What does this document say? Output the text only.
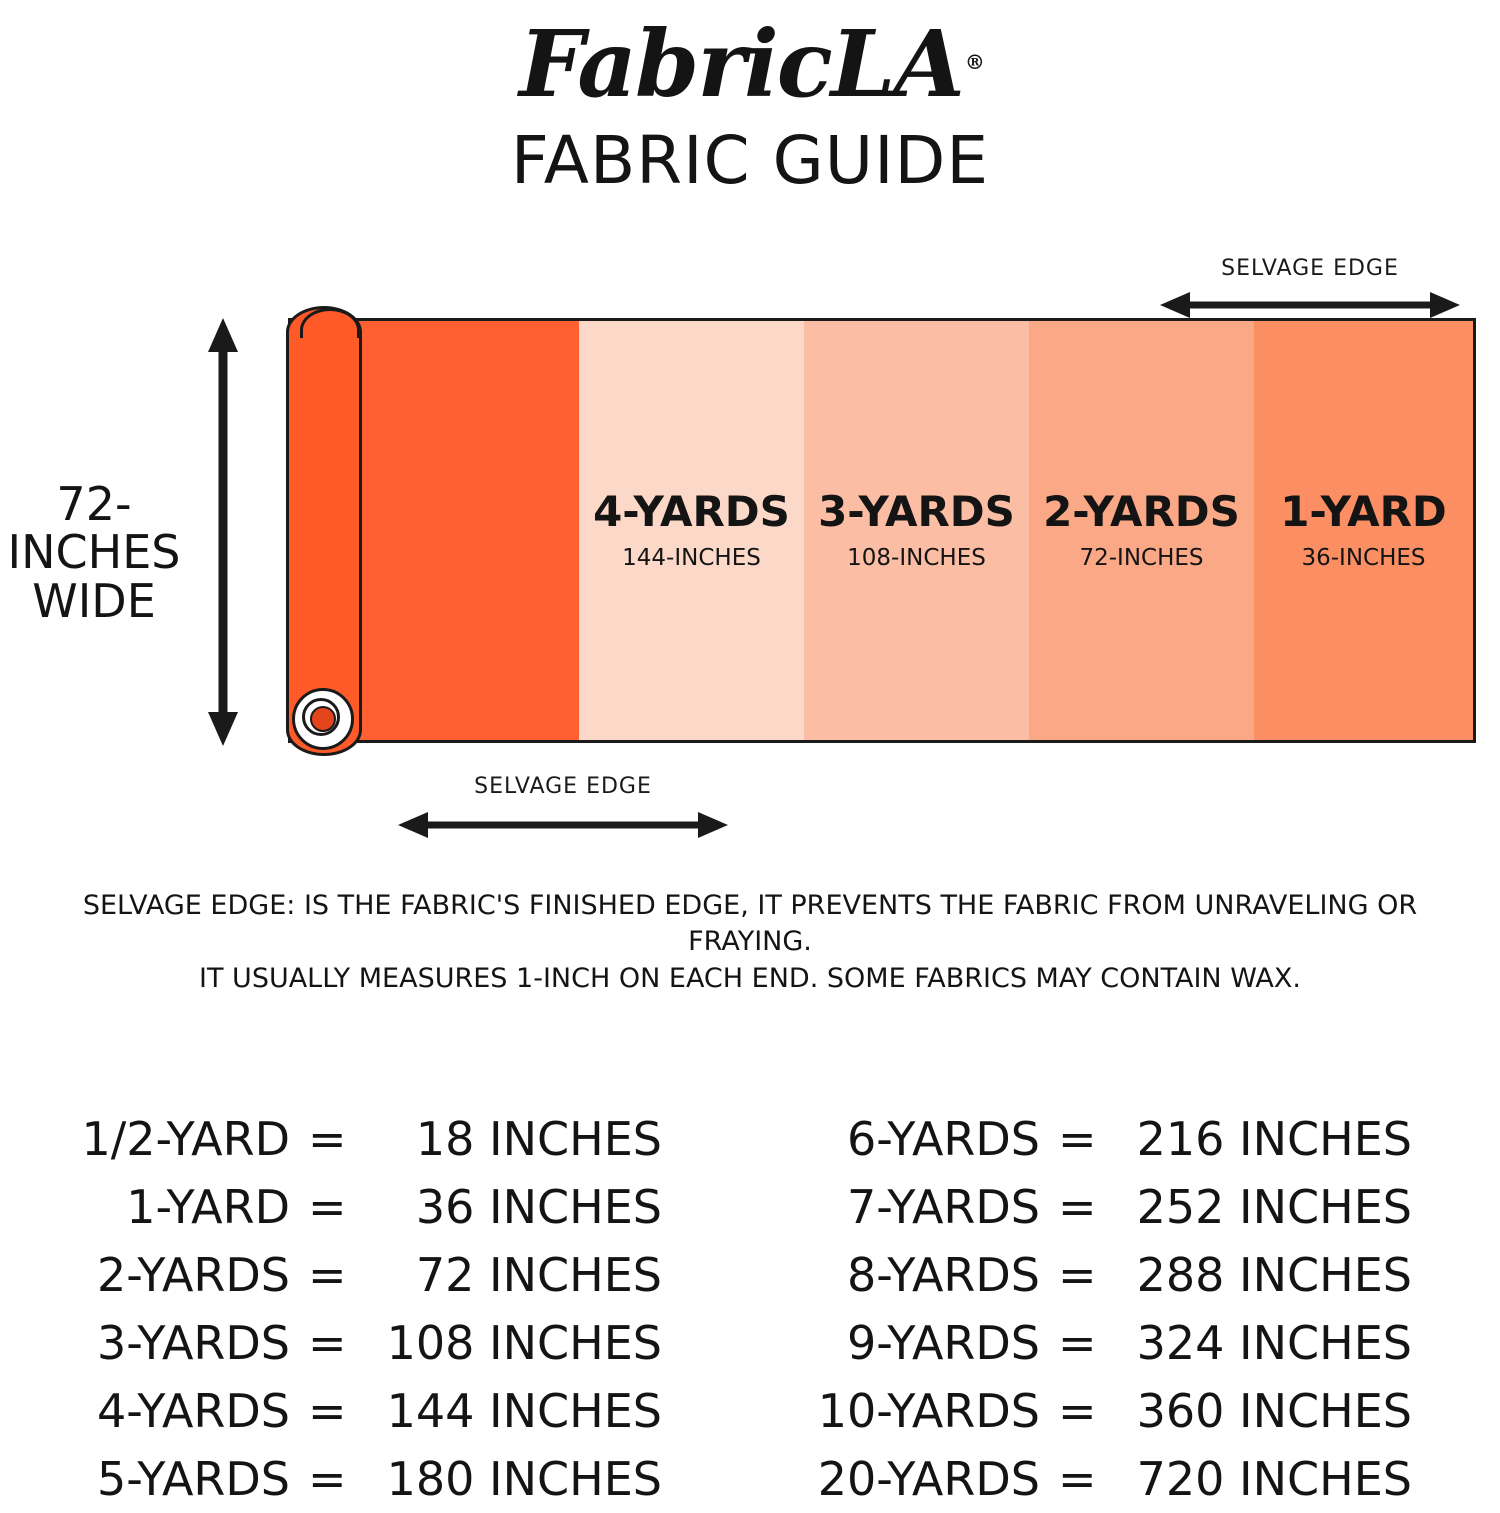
FabricLA ®
FABRIC GUIDE
72-INCHES
WIDE
SELVAGE EDGE
4-YARDS
144-INCHES
3-YARDS
108-INCHES
2-YARDS
72-INCHES
1-YARD
36-INCHES
SELVAGE EDGE
SELVAGE EDGE: IS THE FABRIC'S FINISHED EDGE, IT PREVENTS THE FABRIC FROM UNRAVELING OR FRAYING.
IT USUALLY MEASURES 1-INCH ON EACH END. SOME FABRICS MAY CONTAIN WAX.
1/2-YARD =	18 INCHES
1-YARD =	36 INCHES
2-YARDS =	72 INCHES
3-YARDS = 108 INCHES
4-YARDS = 144 INCHES
5-YARDS = 180 INCHES
6-YARDS = 216 INCHES
7-YARDS = 252 INCHES
8-YARDS = 288 INCHES
9-YARDS = 324 INCHES
10-YARDS = 360 INCHES
20-YARDS = 720 INCHES
